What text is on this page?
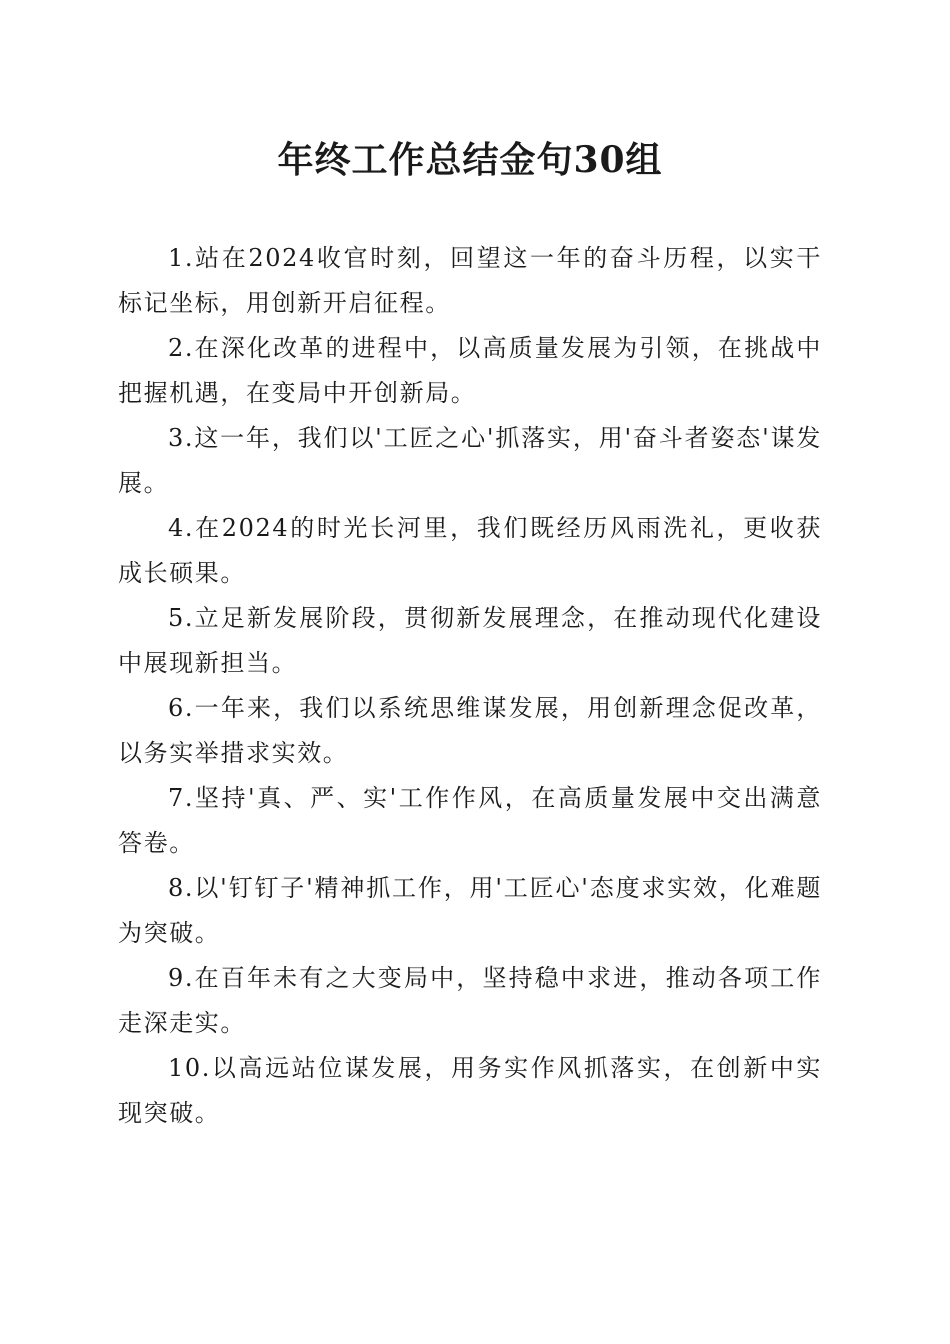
年终工作总结金句30组

1.站在2024收官时刻，回望这一年的奋斗历程，以实干标记坐标，用创新开启征程。

2.在深化改革的进程中，以高质量发展为引领，在挑战中把握机遇，在变局中开创新局。

3.这一年，我们以'工匠之心'抓落实，用'奋斗者姿态'谋发展。

4.在2024的时光长河里，我们既经历风雨洗礼，更收获成长硕果。

5.立足新发展阶段，贯彻新发展理念，在推动现代化建设中展现新担当。

6.一年来，我们以系统思维谋发展，用创新理念促改革，以务实举措求实效。

7.坚持'真、严、实'工作作风，在高质量发展中交出满意答卷。

8.以'钉钉子'精神抓工作，用'工匠心'态度求实效，化难题为突破。

9.在百年未有之大变局中，坚持稳中求进，推动各项工作走深走实。

10.以高远站位谋发展，用务实作风抓落实，在创新中实现突破。
